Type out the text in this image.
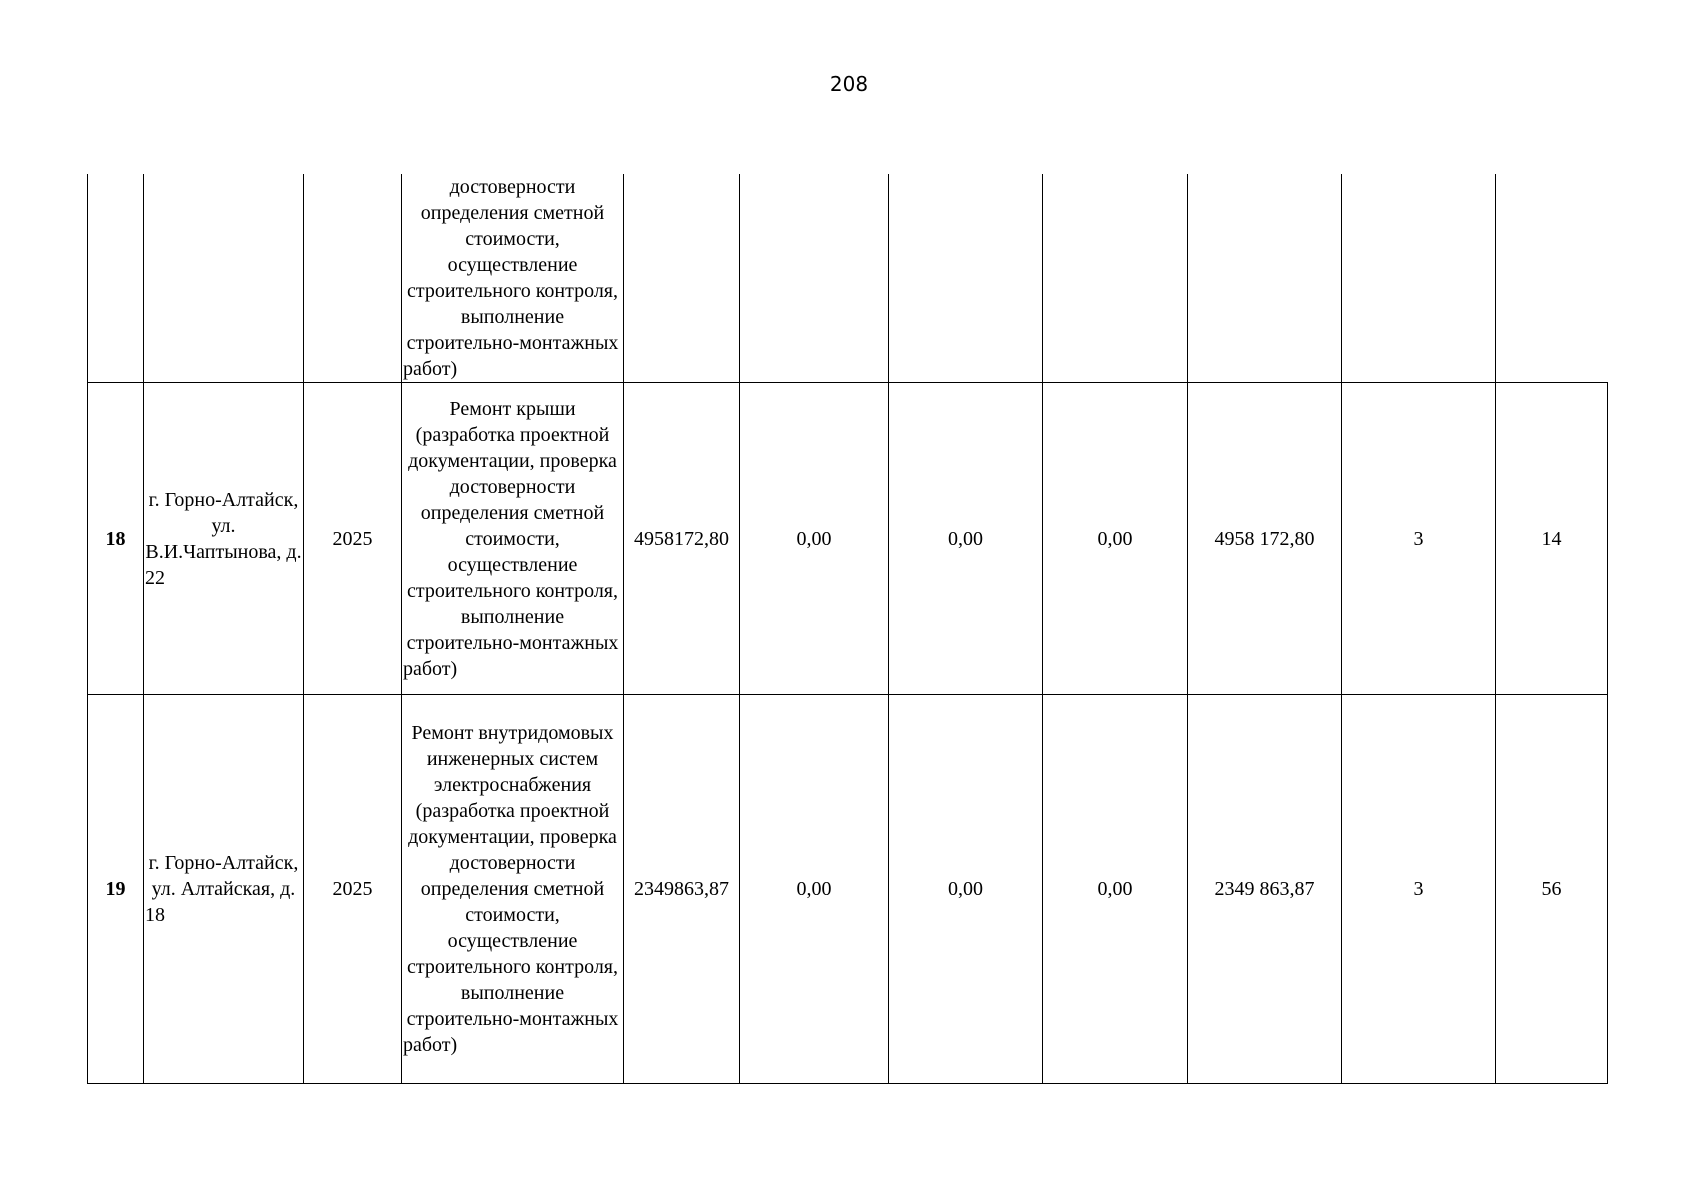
208
			достоверности определения сметной стоимости, осуществление строительного контроля, выполнение строительно-монтажных работ)							
18	г. Горно-Алтайск, ул. В.И.Чаптынова, д. 22	2025	Ремонт крыши (разработка проектной документации, проверка достоверности определения сметной стоимости, осуществление строительного контроля, выполнение строительно-монтажных работ)	4958172,80	0,00	0,00	0,00	4958 172,80	3	14
19	г. Горно-Алтайск, ул. Алтайская, д. 18	2025	Ремонт внутридомовых инженерных систем электроснабжения (разработка проектной документации, проверка достоверности определения сметной стоимости, осуществление строительного контроля, выполнение строительно-монтажных работ)	2349863,87	0,00	0,00	0,00	2349 863,87	3	56
